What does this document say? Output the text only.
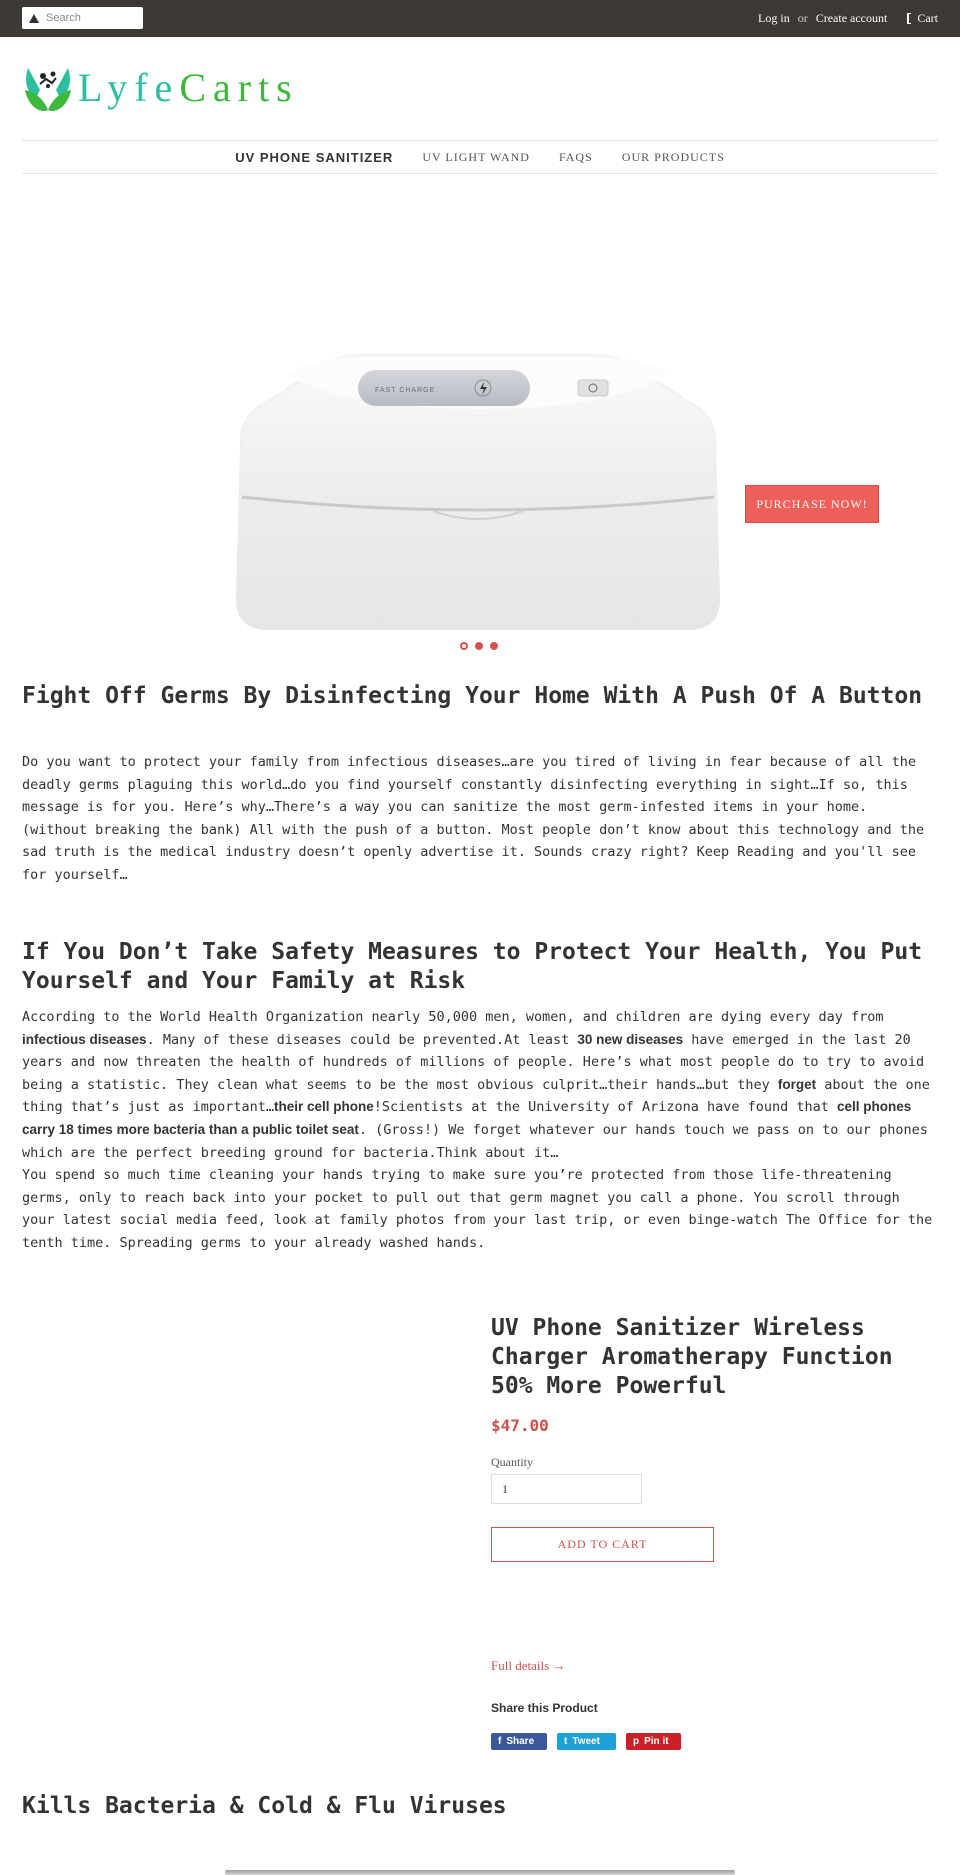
Search
Log in or Create account	Cart
LyfeCarts
UV PHONE SANITIZER UV LIGHT WAND FAQS OUR PRODUCTS
FAST CHARGE
PURCHASE NOW!
Fight Off Germs By Disinfecting Your Home With A Push Of A Button

Do you want to protect your family from infectious diseases…are you tired of living in fear because of all the deadly germs plaguing this world…do you find yourself constantly disinfecting everything in sight…If so, this message is for you. Here’s why…There’s a way you can sanitize the most germ-infested items in your home. (without breaking the bank) All with the push of a button. Most people don’t know about this technology and the sad truth is the medical industry doesn’t openly advertise it. Sounds crazy right? Keep Reading and you'll see for yourself…

If You Don’t Take Safety Measures to Protect Your Health, You Put Yourself and Your Family at Risk

According to the World Health Organization nearly 50,000 men, women, and children are dying every day from infectious diseases. Many of these diseases could be prevented.At least 30 new diseases have emerged in the last 20 years and now threaten the health of hundreds of millions of people. Here’s what most people do to try to avoid being a statistic. They clean what seems to be the most obvious culprit…their hands…but they forget about the one thing that’s just as important…their cell phone!Scientists at the University of Arizona have found that cell phones carry 18 times more bacteria than a public toilet seat. (Gross!) We forget whatever our hands touch we pass on to our phones which are the perfect breeding ground for bacteria.Think about it…
You spend so much time cleaning your hands trying to make sure you’re protected from those life-threatening germs, only to reach back into your pocket to pull out that germ magnet you call a phone. You scroll through your latest social media feed, look at family photos from your last trip, or even binge-watch The Office for the tenth time. Spreading germs to your already washed hands.

UV Phone Sanitizer Wireless Charger Aromatherapy Function 50% More Powerful
$47.00
Quantity
1
ADD TO CART
Full details →
Share this Product
f Share	t Tweet	p Pin it
Kills Bacteria & Cold & Flu Viruses
